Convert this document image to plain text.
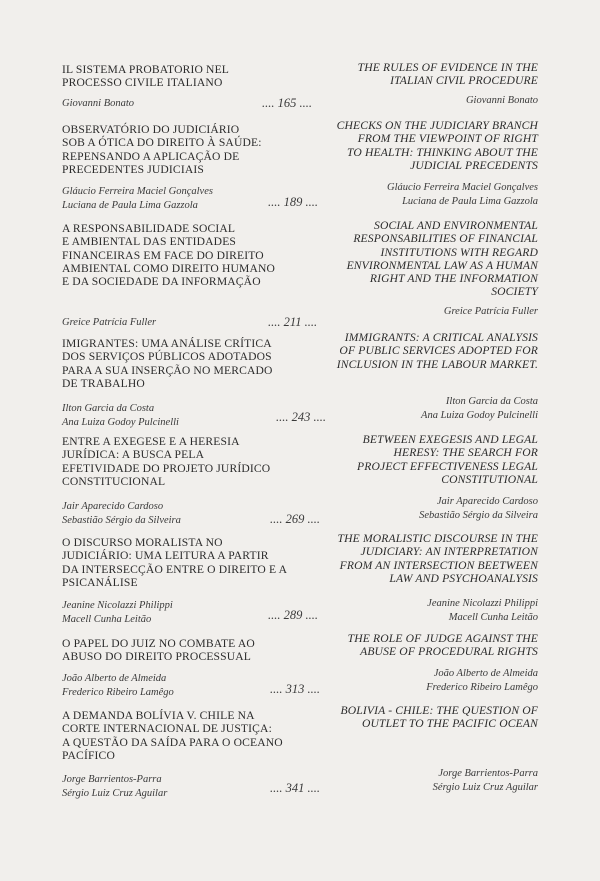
IL SISTEMA PROBATORIO NEL
PROCESSO CIVILE ITALIANO
THE RULES OF EVIDENCE IN THE
ITALIAN CIVIL PROCEDURE
Giovanni Bonato	.... 165 ....	Giovanni Bonato
OBSERVATÓRIO DO JUDICIÁRIO
SOB A ÓTICA DO DIREITO À SAÚDE:
REPENSANDO A APLICAÇÃO DE
PRECEDENTES JUDICIAIS
CHECKS ON THE JUDICIARY BRANCH
FROM THE VIEWPOINT OF RIGHT
TO HEALTH: THINKING ABOUT THE
JUDICIAL PRECEDENTS
Gláucio Ferreira Maciel Gonçalves
Luciana de Paula Lima Gazzola	.... 189 ....
Gláucio Ferreira Maciel Gonçalves
Luciana de Paula Lima Gazzola
A RESPONSABILIDADE SOCIAL
E AMBIENTAL DAS ENTIDADES
FINANCEIRAS EM FACE DO DIREITO
AMBIENTAL COMO DIREITO HUMANO
E DA SOCIEDADE DA INFORMAÇÃO
SOCIAL AND ENVIRONMENTAL
RESPONSABILITIES OF FINANCIAL
INSTITUTIONS WITH REGARD
ENVIRONMENTAL LAW AS A HUMAN
RIGHT AND THE INFORMATION
SOCIETY
Greice Patrícia Fuller	.... 211 ....
Greice Patrícia Fuller
IMIGRANTES: UMA ANÁLISE CRÍTICA
DOS SERVIÇOS PÚBLICOS ADOTADOS
PARA A SUA INSERÇÃO NO MERCADO
DE TRABALHO
IMMIGRANTS: A CRITICAL ANALYSIS
OF PUBLIC SERVICES ADOPTED FOR
INCLUSION IN THE LABOUR MARKET.
Ilton Garcia da Costa
Ana Luiza Godoy Pulcinelli	.... 243 ....
Ilton Garcia da Costa
Ana Luiza Godoy Pulcinelli
ENTRE A EXEGESE E A HERESIA
JURÍDICA: A BUSCA PELA
EFETIVIDADE DO PROJETO JURÍDICO
CONSTITUCIONAL
BETWEEN EXEGESIS AND LEGAL
HERESY: THE SEARCH FOR
PROJECT EFFECTIVENESS LEGAL
CONSTITUTIONAL
Jair Aparecido Cardoso
Sebastião Sérgio da Silveira	.... 269 ....
Jair Aparecido Cardoso
Sebastião Sérgio da Silveira
O DISCURSO MORALISTA NO
JUDICIÁRIO: UMA LEITURA A PARTIR
DA INTERSECÇÃO ENTRE O DIREITO E A
PSICANÁLISE
THE MORALISTIC DISCOURSE IN THE
JUDICIARY: AN INTERPRETATION
FROM AN INTERSECTION BEETWEEN
LAW AND PSYCHOANALYSIS
Jeanine Nicolazzi Philippi
Macell Cunha Leitão	.... 289 ....
Jeanine Nicolazzi Philippi
Macell Cunha Leitão
O PAPEL DO JUIZ NO COMBATE AO
ABUSO DO DIREITO PROCESSUAL
THE ROLE OF JUDGE AGAINST THE
ABUSE OF PROCEDURAL RIGHTS
João Alberto de Almeida
Frederico Ribeiro Lamêgo	.... 313 ....
João Alberto de Almeida
Frederico Ribeiro Lamêgo
A DEMANDA BOLÍVIA V. CHILE NA
CORTE INTERNACIONAL DE JUSTIÇA:
A QUESTÃO DA SAÍDA PARA O OCEANO
PACÍFICO
BOLIVIA - CHILE: THE QUESTION OF
OUTLET TO THE PACIFIC OCEAN
Jorge Barrientos-Parra
Sérgio Luiz Cruz Aguilar	.... 341 ....
Jorge Barrientos-Parra
Sérgio Luiz Cruz Aguilar
